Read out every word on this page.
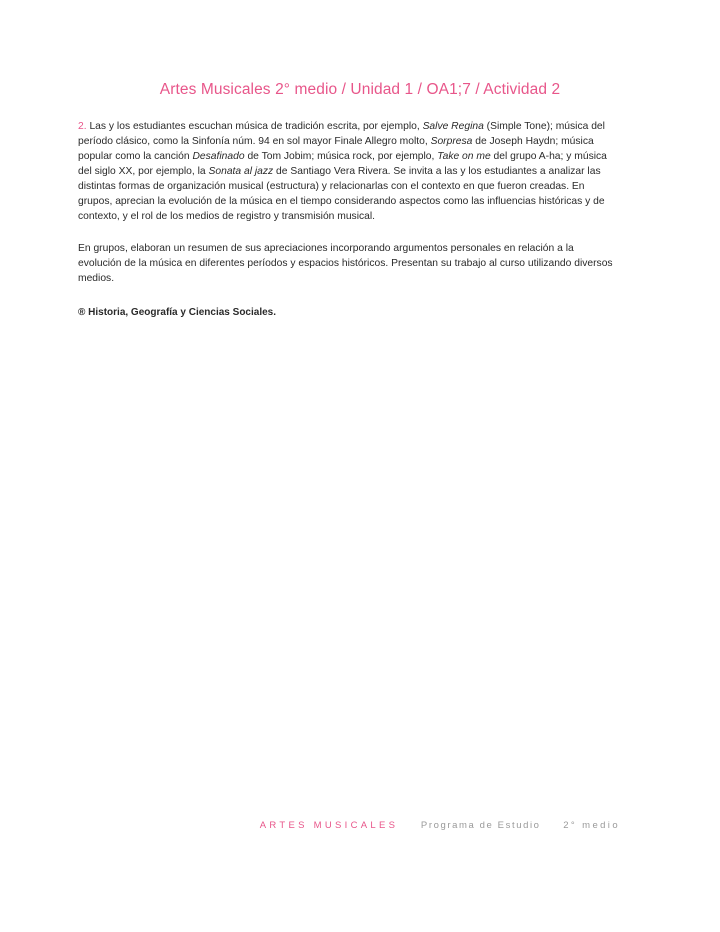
Artes Musicales 2° medio / Unidad 1 / OA1;7 / Actividad 2
2. Las y los estudiantes escuchan música de tradición escrita, por ejemplo, Salve Regina (Simple Tone); música del período clásico, como la Sinfonía núm. 94 en sol mayor Finale Allegro molto, Sorpresa de Joseph Haydn; música popular como la canción Desafinado de Tom Jobim; música rock, por ejemplo, Take on me del grupo A-ha; y música del siglo XX, por ejemplo, la Sonata al jazz de Santiago Vera Rivera. Se invita a las y los estudiantes a analizar las distintas formas de organización musical (estructura) y relacionarlas con el contexto en que fueron creadas. En grupos, aprecian la evolución de la música en el tiempo considerando aspectos como las influencias históricas y de contexto, y el rol de los medios de registro y transmisión musical.
En grupos, elaboran un resumen de sus apreciaciones incorporando argumentos personales en relación a la evolución de la música en diferentes períodos y espacios históricos. Presentan su trabajo al curso utilizando diversos medios.
® Historia, Geografía y Ciencias Sociales.
ARTES MUSICALES Programa de Estudio 2° medio
